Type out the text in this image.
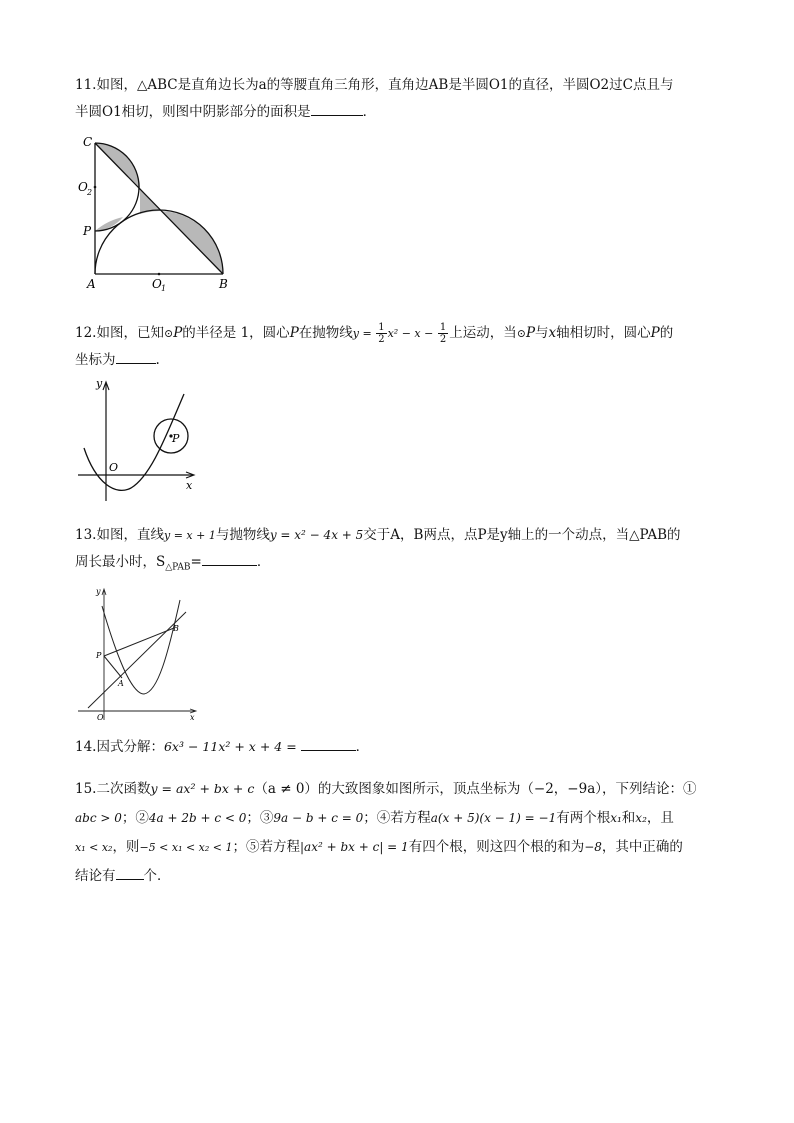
11.如图，△ABC是直角边长为a的等腰直角三角形，直角边AB是半圆O1的直径，半圆O2过C点且与
半圆O1相切，则图中阴影部分的面积是	．
C
O 2
P
A	O 1	B
12.如图，已知⊙P的半径是 1，圆心P在抛物线$y = \frac{1}{2} x^2 - x - \frac{1}{2}$ 上运动，当⊙P与x轴相切时，圆心P的
坐标为	.
y
O
x
P
13.如图，直线y = x + 1与抛物线y = x² − 4x + 5交于A，B两点，点P是y轴上的一个动点，当△PAB的
周长最小时，$S_{\triangle PAB}=$	．
y
B
P
A
O	x
14.因式分解：6x³ − 11x² + x + 4 =	．
15.二次函数y = ax² + bx + c（a ≠ 0）的大致图象如图所示，顶点坐标为（−2，−9a），下列结论：①
abc > 0；②4a + 2b + c < 0；③9a − b + c = 0；④若方程a(x + 5)(x − 1) = −1有两个根x₁和x₂，且
x₁ < x₂，则−5 < x₁ < x₂ < 1；⑤若方程|ax² + bx + c| = 1有四个根，则这四个根的和为−8，其中正确的
结论有 个．
